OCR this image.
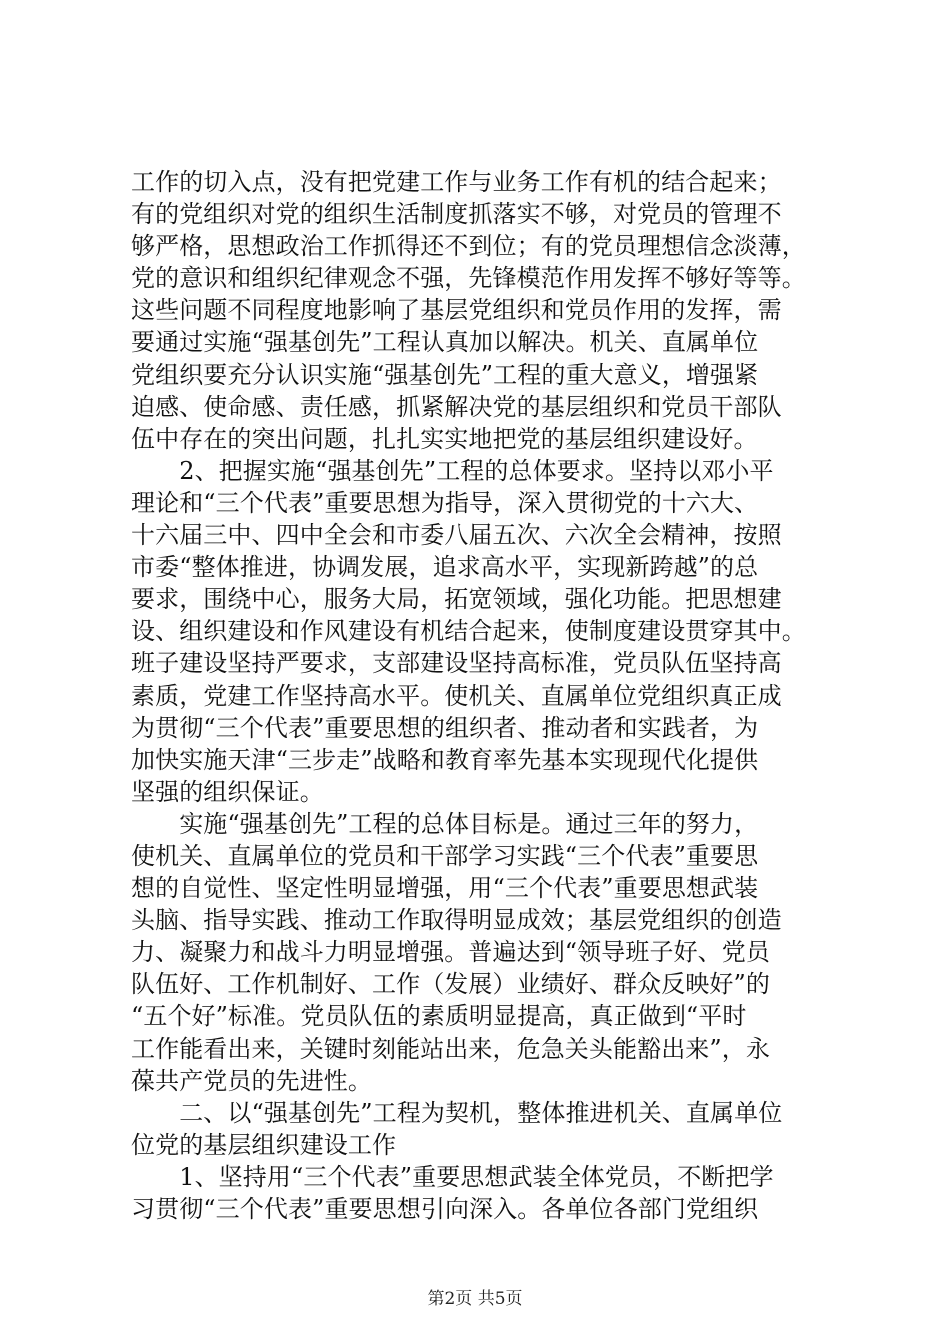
工作的切入点，没有把党建工作与业务工作有机的结合起来；
有的党组织对党的组织生活制度抓落实不够，对党员的管理不
够严格，思想政治工作抓得还不到位；有的党员理想信念淡薄，
党的意识和组织纪律观念不强，先锋模范作用发挥不够好等等。
这些问题不同程度地影响了基层党组织和党员作用的发挥，需
要通过实施“强基创先”工程认真加以解决。机关、直属单位
党组织要充分认识实施“强基创先”工程的重大意义，增强紧
迫感、使命感、责任感，抓紧解决党的基层组织和党员干部队
伍中存在的突出问题，扎扎实实地把党的基层组织建设好。
　　2、把握实施“强基创先”工程的总体要求。坚持以邓小平
理论和“三个代表”重要思想为指导，深入贯彻党的十六大、
十六届三中、四中全会和市委八届五次、六次全会精神，按照
市委“整体推进，协调发展，追求高水平，实现新跨越”的总
要求，围绕中心，服务大局，拓宽领域，强化功能。把思想建
设、组织建设和作风建设有机结合起来，使制度建设贯穿其中。
班子建设坚持严要求，支部建设坚持高标准，党员队伍坚持高
素质，党建工作坚持高水平。使机关、直属单位党组织真正成
为贯彻“三个代表”重要思想的组织者、推动者和实践者，为
加快实施天津“三步走”战略和教育率先基本实现现代化提供
坚强的组织保证。
　　实施“强基创先”工程的总体目标是。通过三年的努力，
使机关、直属单位的党员和干部学习实践“三个代表”重要思
想的自觉性、坚定性明显增强，用“三个代表”重要思想武装
头脑、指导实践、推动工作取得明显成效；基层党组织的创造
力、凝聚力和战斗力明显增强。普遍达到“领导班子好、党员
队伍好、工作机制好、工作（发展）业绩好、群众反映好”的
“五个好”标准。党员队伍的素质明显提高，真正做到“平时
工作能看出来，关键时刻能站出来，危急关头能豁出来”，永
葆共产党员的先进性。
　　二、以“强基创先”工程为契机，整体推进机关、直属单位
位党的基层组织建设工作
　　1、坚持用“三个代表”重要思想武装全体党员，不断把学
习贯彻“三个代表”重要思想引向深入。各单位各部门党组织
第2页 共5页
